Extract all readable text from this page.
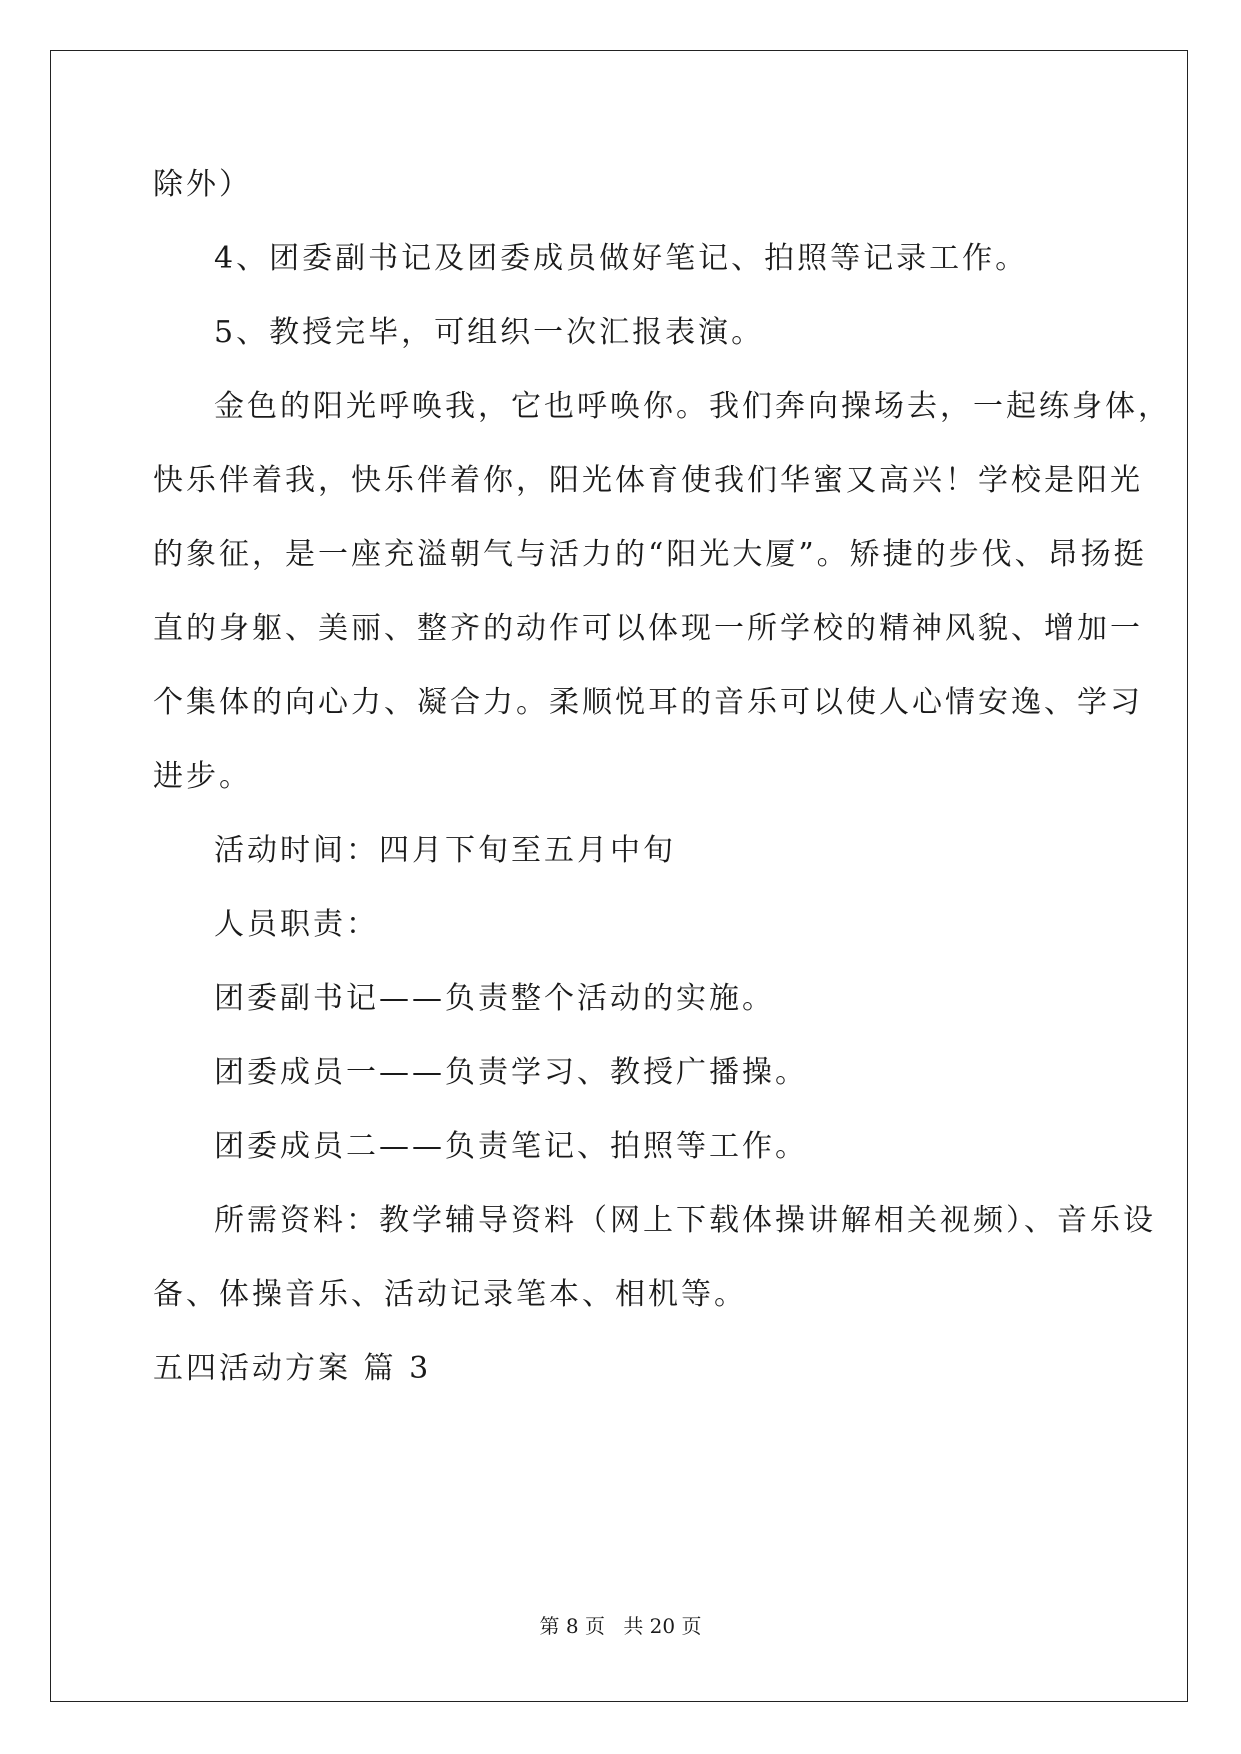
除外）
4、团委副书记及团委成员做好笔记、拍照等记录工作。
5、教授完毕，可组织一次汇报表演。
金色的阳光呼唤我，它也呼唤你。我们奔向操场去，一起练身体，
快乐伴着我，快乐伴着你，阳光体育使我们华蜜又高兴！学校是阳光
的象征，是一座充溢朝气与活力的“阳光大厦”。矫捷的步伐、昂扬挺
直的身躯、美丽、整齐的动作可以体现一所学校的精神风貌、增加一
个集体的向心力、凝合力。柔顺悦耳的音乐可以使人心情安逸、学习
进步。
活动时间：四月下旬至五月中旬
人员职责：
团委副书记——负责整个活动的实施。
团委成员一——负责学习、教授广播操。
团委成员二——负责笔记、拍照等工作。
所需资料：教学辅导资料（网上下载体操讲解相关视频）、音乐设
备、体操音乐、活动记录笔本、相机等。
五四活动方案 篇 3
第 8 页 共 20 页
